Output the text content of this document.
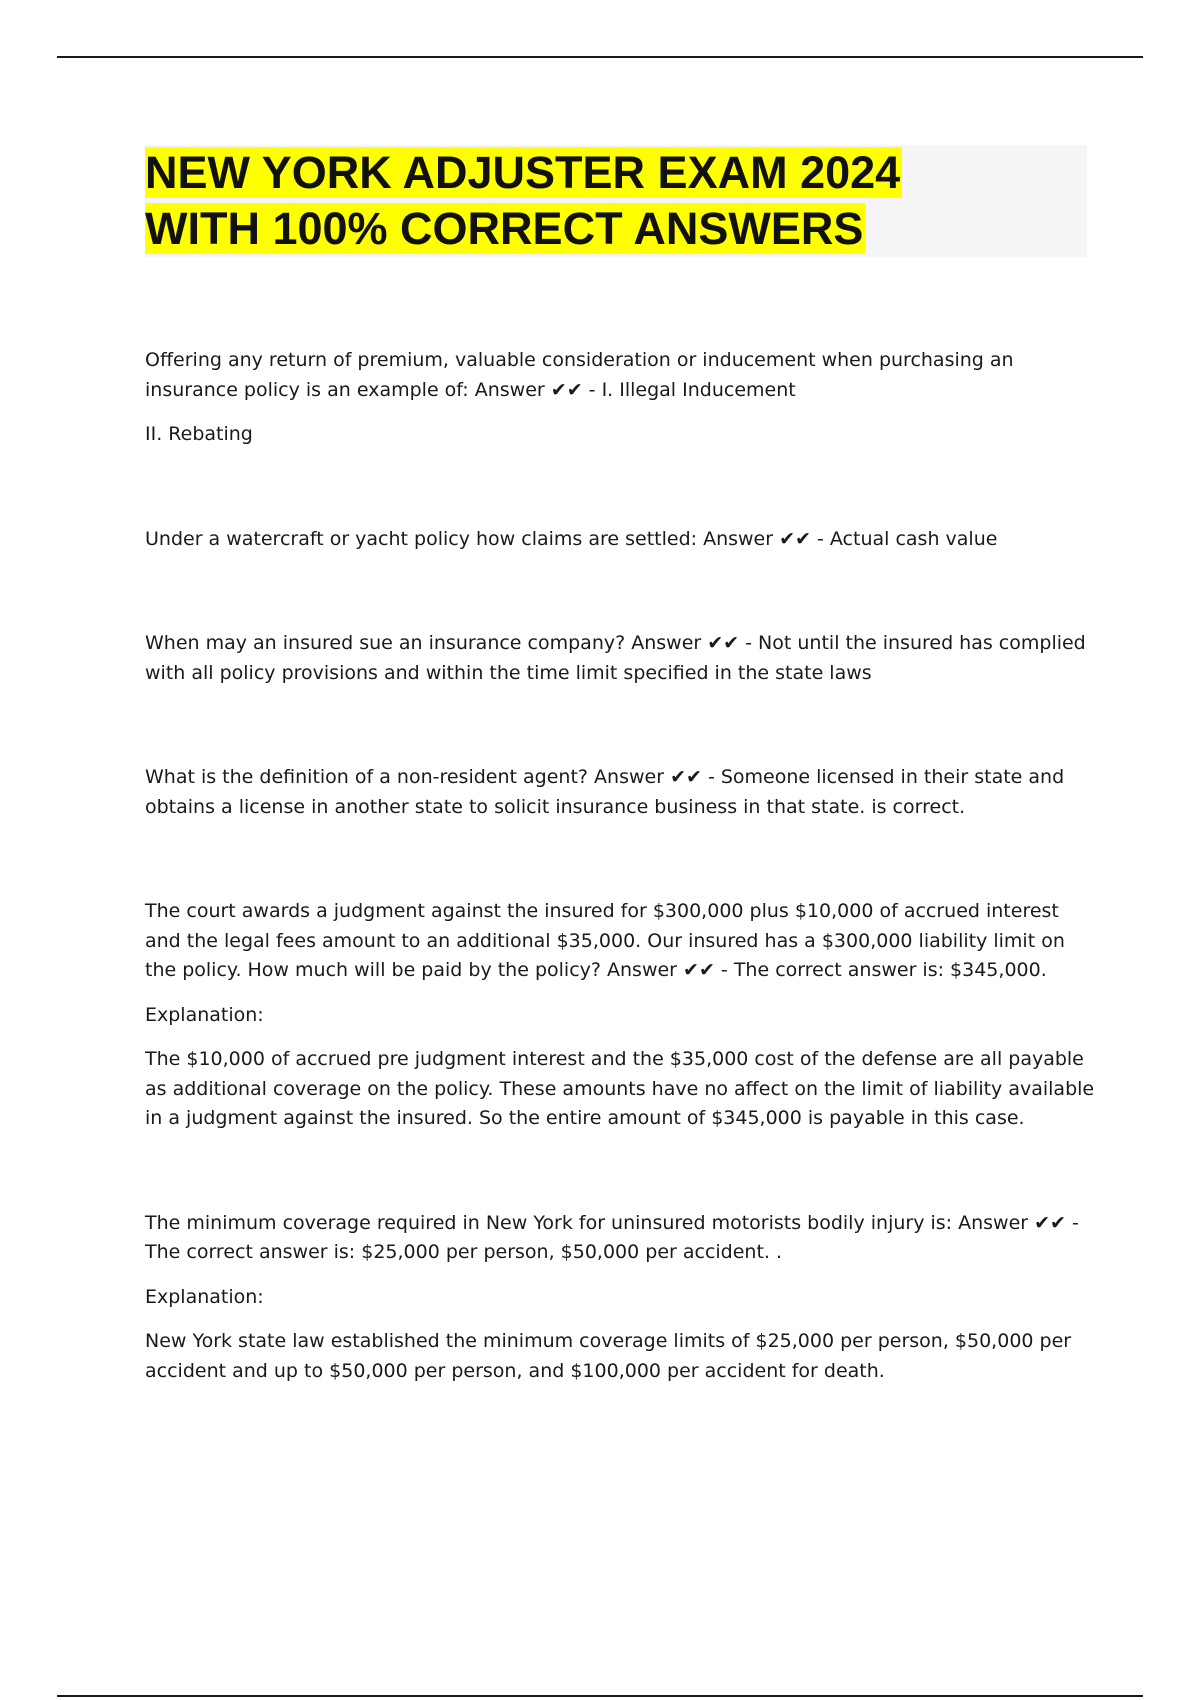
NEW YORK ADJUSTER EXAM 2024
WITH 100% CORRECT ANSWERS

Offering any return of premium, valuable consideration or inducement when purchasing an insurance policy is an example of: Answer ✔✔ - I. Illegal Inducement

II. Rebating

Under a watercraft or yacht policy how claims are settled: Answer ✔✔ - Actual cash value

When may an insured sue an insurance company? Answer ✔✔ - Not until the insured has complied with all policy provisions and within the time limit specified in the state laws

What is the definition of a non-resident agent? Answer ✔✔ - Someone licensed in their state and obtains a license in another state to solicit insurance business in that state. is correct.

The court awards a judgment against the insured for $300,000 plus $10,000 of accrued interest and the legal fees amount to an additional $35,000. Our insured has a $300,000 liability limit on the policy. How much will be paid by the policy? Answer ✔✔ - The correct answer is: $345,000.

Explanation:

The $10,000 of accrued pre judgment interest and the $35,000 cost of the defense are all payable as additional coverage on the policy. These amounts have no affect on the limit of liability available in a judgment against the insured. So the entire amount of $345,000 is payable in this case.

The minimum coverage required in New York for uninsured motorists bodily injury is: Answer ✔✔ - The correct answer is: $25,000 per person, $50,000 per accident. .

Explanation:

New York state law established the minimum coverage limits of $25,000 per person, $50,000 per accident and up to $50,000 per person, and $100,000 per accident for death.
